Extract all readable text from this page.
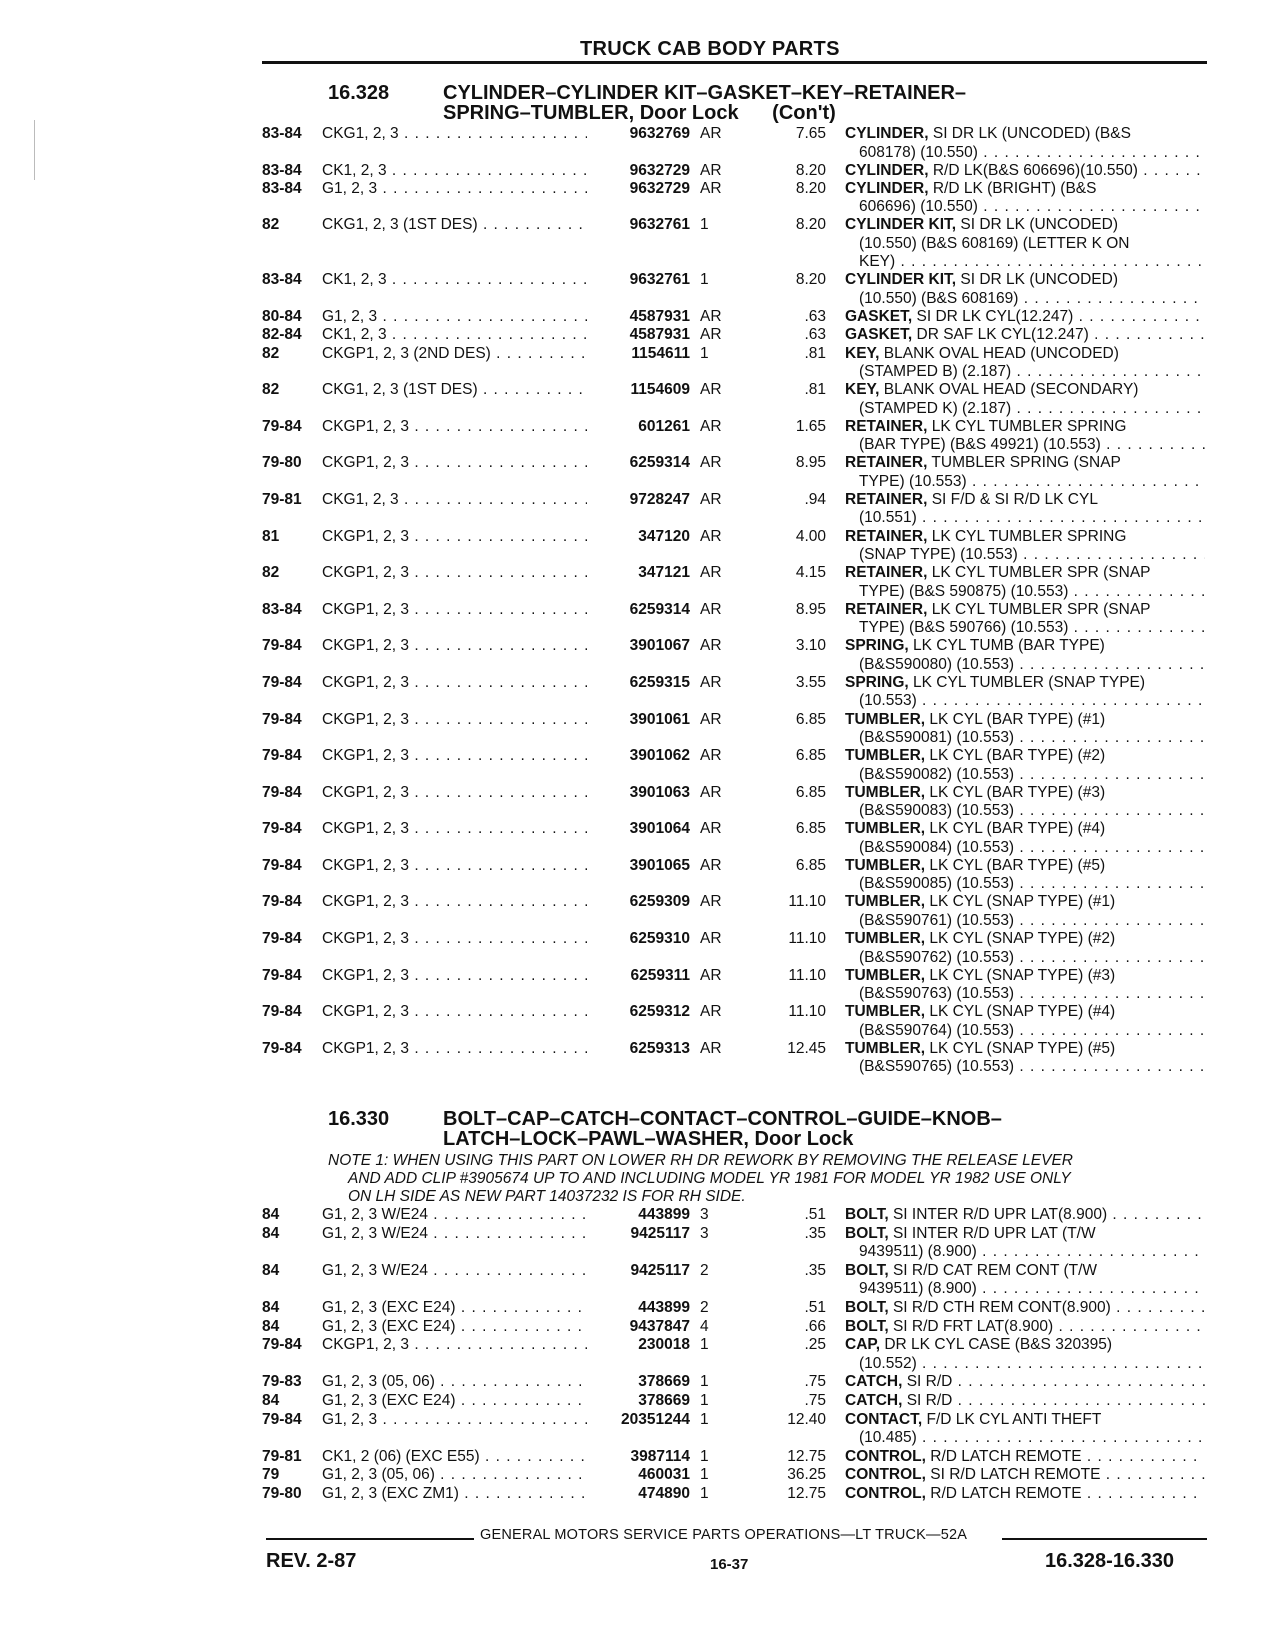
TRUCK CAB BODY PARTS
16.328	CYLINDER–CYLINDER KIT–GASKET–KEY–RETAINER–
SPRING–TUMBLER, Door Lock (Con't)
83-84 CKG1, 2, 3 . . .	9632769 AR	7.65 CYLINDER, SI DR LK (UNCODED) (B&S
608178) (10.550) . . .
83-84 CK1, 2, 3 . . .	9632729 AR	8.20 CYLINDER, R/D LK(B&S 606696)(10.550) . . .
83-84 G1, 2, 3 . . .	9632729 AR	8.20 CYLINDER, R/D LK (BRIGHT) (B&S
606696) (10.550) . . .
82	CKG1, 2, 3 (1ST DES) . . .	9632761 1	8.20 CYLINDER KIT, SI DR LK (UNCODED)
(10.550) (B&S 608169) (LETTER K ON
KEY) . . .
83-84 CK1, 2, 3 . . .	9632761 1	8.20 CYLINDER KIT, SI DR LK (UNCODED)
(10.550) (B&S 608169) . . .
80-84 G1, 2, 3 . . .	4587931 AR	.63 GASKET, SI DR LK CYL(12.247) . . .
82-84 CK1, 2, 3 . . .	4587931 AR	.63 GASKET, DR SAF LK CYL(12.247) . . .
82	CKGP1, 2, 3 (2ND DES) . . .	1154611 1	.81 KEY, BLANK OVAL HEAD (UNCODED)
(STAMPED B) (2.187) . . .
82	CKG1, 2, 3 (1ST DES) . . .	1154609 AR	.81 KEY, BLANK OVAL HEAD (SECONDARY)
(STAMPED K) (2.187) . . .
79-84 CKGP1, 2, 3 . . .	601261 AR	1.65 RETAINER, LK CYL TUMBLER SPRING
(BAR TYPE) (B&S 49921) (10.553) . . .
79-80 CKGP1, 2, 3 . . .	6259314 AR	8.95 RETAINER, TUMBLER SPRING (SNAP
TYPE) (10.553) . . .
79-81 CKG1, 2, 3 . . .	9728247 AR	.94 RETAINER, SI F/D & SI R/D LK CYL
(10.551) . . .
81	CKGP1, 2, 3 . . .	347120 AR	4.00 RETAINER, LK CYL TUMBLER SPRING
(SNAP TYPE) (10.553) . . .
82	CKGP1, 2, 3 . . .	347121 AR	4.15 RETAINER, LK CYL TUMBLER SPR (SNAP
TYPE) (B&S 590875) (10.553) . . .
83-84 CKGP1, 2, 3 . . .	6259314 AR	8.95 RETAINER, LK CYL TUMBLER SPR (SNAP
TYPE) (B&S 590766) (10.553) . . .
79-84 CKGP1, 2, 3 . . .	3901067 AR	3.10 SPRING, LK CYL TUMB (BAR TYPE)
(B&S590080) (10.553) . . .
79-84 CKGP1, 2, 3 . . .	6259315 AR	3.55 SPRING, LK CYL TUMBLER (SNAP TYPE)
(10.553) . . .
79-84 CKGP1, 2, 3 . . .	3901061 AR	6.85 TUMBLER, LK CYL (BAR TYPE) (#1)
(B&S590081) (10.553) . . .
79-84 CKGP1, 2, 3 . . .	3901062 AR	6.85 TUMBLER, LK CYL (BAR TYPE) (#2)
(B&S590082) (10.553) . . .
79-84 CKGP1, 2, 3 . . .	3901063 AR	6.85 TUMBLER, LK CYL (BAR TYPE) (#3)
(B&S590083) (10.553) . . .
79-84 CKGP1, 2, 3 . . .	3901064 AR	6.85 TUMBLER, LK CYL (BAR TYPE) (#4)
(B&S590084) (10.553) . . .
79-84 CKGP1, 2, 3 . . .	3901065 AR	6.85 TUMBLER, LK CYL (BAR TYPE) (#5)
(B&S590085) (10.553) . . .
79-84 CKGP1, 2, 3 . . .	6259309 AR	11.10 TUMBLER, LK CYL (SNAP TYPE) (#1)
(B&S590761) (10.553) . . .
79-84 CKGP1, 2, 3 . . .	6259310 AR	11.10 TUMBLER, LK CYL (SNAP TYPE) (#2)
(B&S590762) (10.553) . . .
79-84 CKGP1, 2, 3 . . .	6259311 AR	11.10 TUMBLER, LK CYL (SNAP TYPE) (#3)
(B&S590763) (10.553) . . .
79-84 CKGP1, 2, 3 . . .	6259312 AR	11.10 TUMBLER, LK CYL (SNAP TYPE) (#4)
(B&S590764) (10.553) . . .
79-84 CKGP1, 2, 3 . . .	6259313 AR	12.45 TUMBLER, LK CYL (SNAP TYPE) (#5)
(B&S590765) (10.553) . . .
16.330	BOLT–CAP–CATCH–CONTACT–CONTROL–GUIDE–KNOB–
LATCH–LOCK–PAWL–WASHER, Door Lock
NOTE 1: WHEN USING THIS PART ON LOWER RH DR REWORK BY REMOVING THE RELEASE LEVER
AND ADD CLIP #3905674 UP TO AND INCLUDING MODEL YR 1981 FOR MODEL YR 1982 USE ONLY
ON LH SIDE AS NEW PART 14037232 IS FOR RH SIDE.
84	G1, 2, 3 W/E24 . . .	443899 3	.51 BOLT, SI INTER R/D UPR LAT(8.900) . . .
84	G1, 2, 3 W/E24 . . .	9425117 3	.35 BOLT, SI INTER R/D UPR LAT (T/W
9439511) (8.900) . . .
84	G1, 2, 3 W/E24 . . .	9425117 2	.35 BOLT, SI R/D CAT REM CONT (T/W
9439511) (8.900) . . .
84	G1, 2, 3 (EXC E24) . . .	443899 2	.51 BOLT, SI R/D CTH REM CONT(8.900) . . .
84	G1, 2, 3 (EXC E24) . . .	9437847 4	.66 BOLT, SI R/D FRT LAT(8.900) . . .
79-84 CKGP1, 2, 3 . . .	230018 1	.25 CAP, DR LK CYL CASE (B&S 320395)
(10.552) . . .
79-83 G1, 2, 3 (05, 06) . . .	378669 1	.75 CATCH, SI R/D . . .
84	G1, 2, 3 (EXC E24) . . .	378669 1	.75 CATCH, SI R/D . . .
79-84 G1, 2, 3 . . .	20351244 1	12.40 CONTACT, F/D LK CYL ANTI THEFT
(10.485) . . .
79-81 CK1, 2 (06) (EXC E55) . . .	3987114 1	12.75 CONTROL, R/D LATCH REMOTE . . .
79	G1, 2, 3 (05, 06) . . .	460031 1	36.25 CONTROL, SI R/D LATCH REMOTE . . .
79-80 G1, 2, 3 (EXC ZM1) . . .	474890 1	12.75 CONTROL, R/D LATCH REMOTE . . .
GENERAL MOTORS SERVICE PARTS OPERATIONS—LT TRUCK—52A
REV. 2-87	16-37	16.328-16.330
